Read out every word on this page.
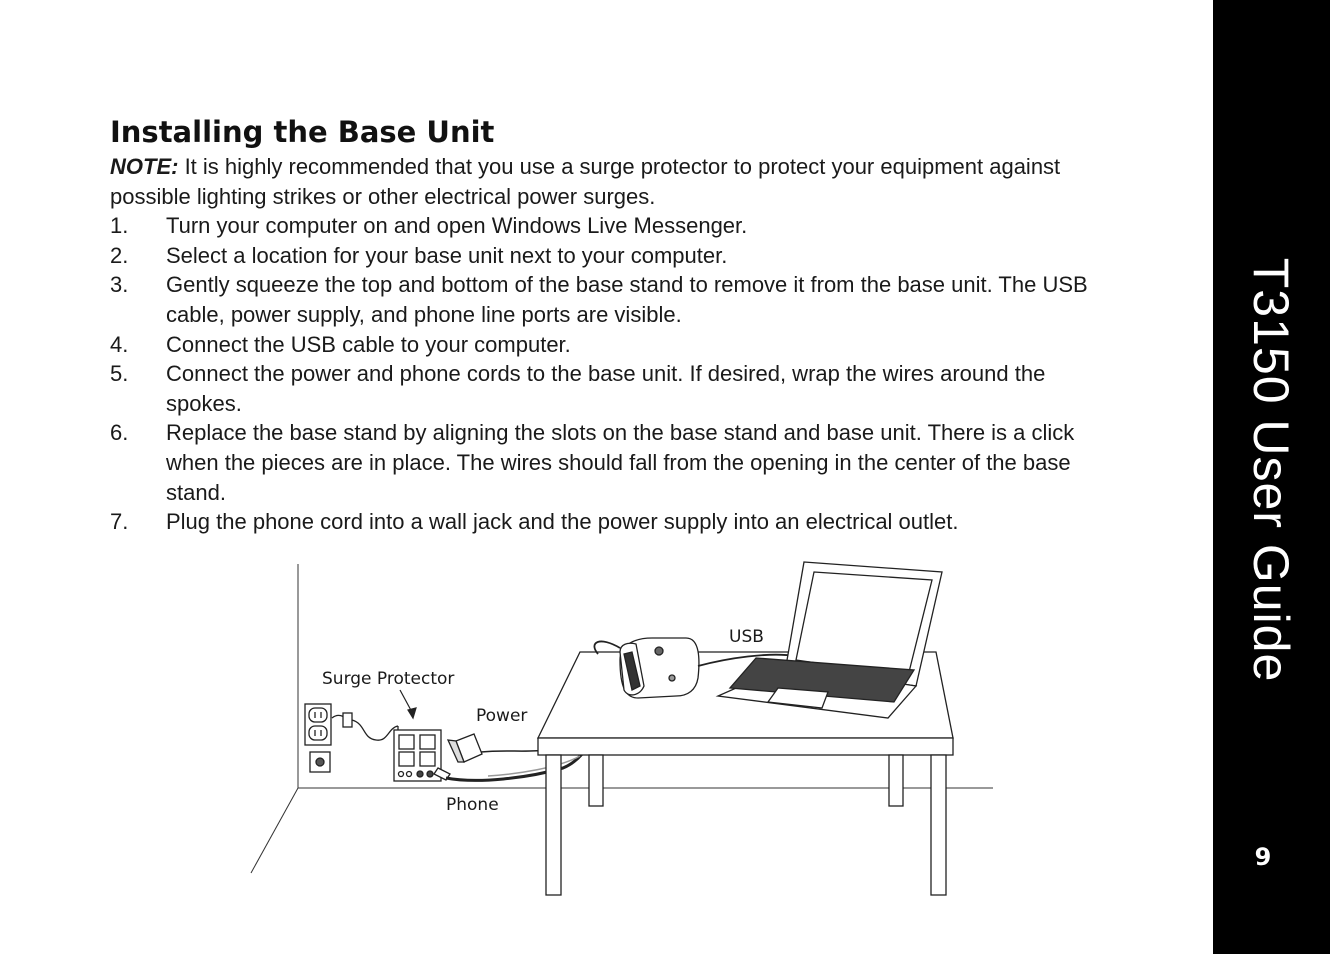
Installing the Base Unit

NOTE: It is highly recommended that you use a surge protector to protect your equipment against possible lighting strikes or other electrical power surges.

1. Turn your computer on and open Windows Live Messenger.
2. Select a location for your base unit next to your computer.
3. Gently squeeze the top and bottom of the base stand to remove it from the base unit. The USB cable, power supply, and phone line ports are visible.
4. Connect the USB cable to your computer.
5. Connect the power and phone cords to the base unit. If desired, wrap the wires around the spokes.
6. Replace the base stand by aligning the slots on the base stand and base unit. There is a click when the pieces are in place. The wires should fall from the opening in the center of the base stand.
7. Plug the phone cord into a wall jack and the power supply into an electrical outlet.
Surge Protector
Power
Phone
USB	T3150 User Guide
9
